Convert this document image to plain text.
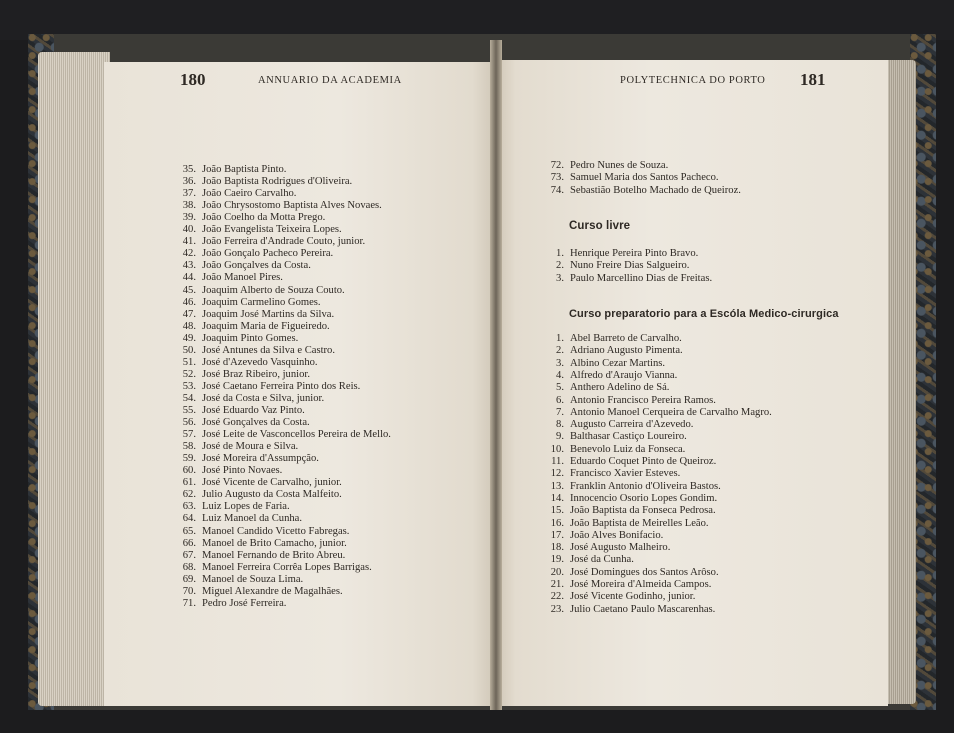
180	ANNUARIO DA ACADEMIA	POLYTECHNICA DO PORTO 181
35. João Baptista Pinto.
36. João Baptista Rodrigues d'Oliveira.
37. João Caeiro Carvalho.
38. João Chrysostomo Baptista Alves Novaes.
39. João Coelho da Motta Prego.
40. João Evangelista Teixeira Lopes.
41. João Ferreira d'Andrade Couto, junior.
42. João Gonçalo Pacheco Pereira.
43. João Gonçalves da Costa.
44. João Manoel Pires.
45. Joaquim Alberto de Souza Couto.
46. Joaquim Carmelino Gomes.
47. Joaquim José Martins da Silva.
48. Joaquim Maria de Figueiredo.
49. Joaquim Pinto Gomes.
50. José Antunes da Silva e Castro.
51. José d'Azevedo Vasquinho.
52. José Braz Ribeiro, junior.
53. José Caetano Ferreira Pinto dos Reis.
54. José da Costa e Silva, junior.
55. José Eduardo Vaz Pinto.
56. José Gonçalves da Costa.
57. José Leite de Vasconcellos Pereira de Mello.
58. José de Moura e Silva.
59. José Moreira d'Assumpção.
60. José Pinto Novaes.
61. José Vicente de Carvalho, junior.
62. Julio Augusto da Costa Malfeito.
63. Luiz Lopes de Faria.
64. Luiz Manoel da Cunha.
65. Manoel Candido Vicetto Fabregas.
66. Manoel de Brito Camacho, junior.
67. Manoel Fernando de Brito Abreu.
68. Manoel Ferreira Corrêa Lopes Barrigas.
69. Manoel de Souza Lima.
70. Miguel Alexandre de Magalhães.
71. Pedro José Ferreira.
72. Pedro Nunes de Souza.
73. Samuel Maria dos Santos Pacheco.
74. Sebastião Botelho Machado de Queiroz.
Curso livre
1. Henrique Pereira Pinto Bravo.
2. Nuno Freire Dias Salgueiro.
3. Paulo Marcellino Dias de Freitas.
Curso preparatorio para a Escóla Medico-cirurgica
1. Abel Barreto de Carvalho.
2. Adriano Augusto Pimenta.
3. Albino Cezar Martins.
4. Alfredo d'Araujo Vianna.
5. Anthero Adelino de Sá.
6. Antonio Francisco Pereira Ramos.
7. Antonio Manoel Cerqueira de Carvalho Magro.
8. Augusto Carreira d'Azevedo.
9. Balthasar Castiço Loureiro.
10. Benevolo Luiz da Fonseca.
11. Eduardo Coquet Pinto de Queiroz.
12. Francisco Xavier Esteves.
13. Franklin Antonio d'Oliveira Bastos.
14. Innocencio Osorio Lopes Gondim.
15. João Baptista da Fonseca Pedrosa.
16. João Baptista de Meirelles Leão.
17. João Alves Bonifacio.
18. José Augusto Malheiro.
19. José da Cunha.
20. José Domingues dos Santos Arôso.
21. José Moreira d'Almeida Campos.
22. José Vicente Godinho, junior.
23. Julio Caetano Paulo Mascarenhas.
